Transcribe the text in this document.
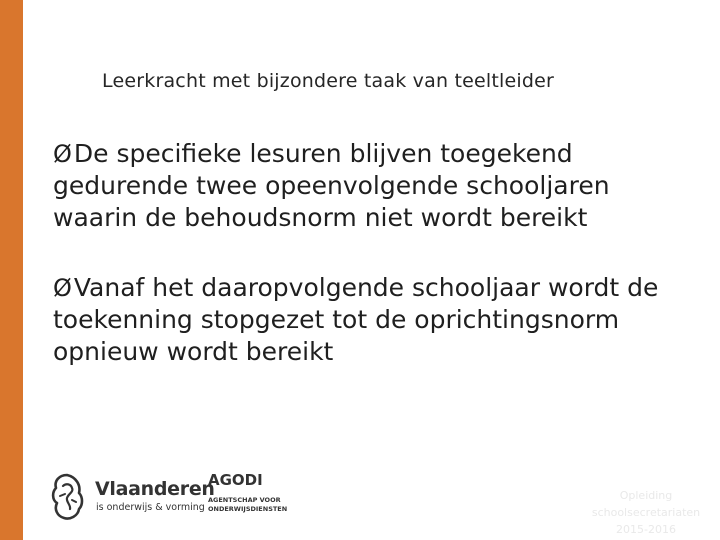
Leerkracht met bijzondere taak van teeltleider
ØDe specifieke lesuren blijven toegekend
gedurende twee opeenvolgende schooljaren
waarin de behoudsnorm niet wordt bereikt
ØVanaf het daaropvolgende schooljaar wordt de
toekenning stopgezet tot de oprichtingsnorm
opnieuw wordt bereikt
Vlaanderen
is onderwijs & vorming
AGODI
AGENTSCHAP VOOR
ONDERWIJSDIENSTEN
Opleiding
schoolsecretariaten
2015-2016
